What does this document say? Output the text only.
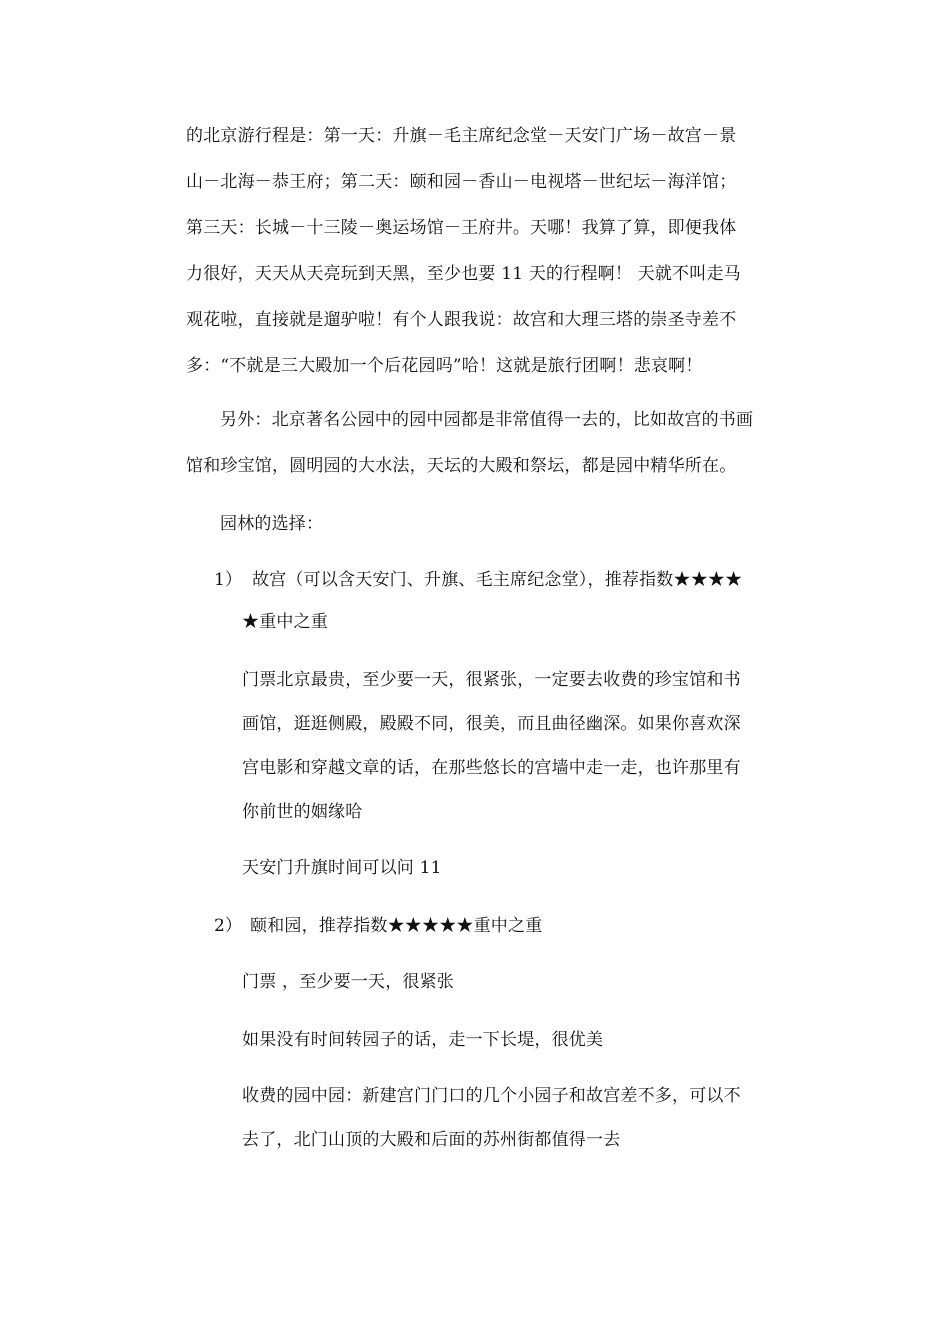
的北京游行程是：第一天：升旗－毛主席纪念堂－天安门广场－故宫－景
山－北海－恭王府；第二天：颐和园－香山－电视塔－世纪坛－海洋馆；
第三天：长城－十三陵－奥运场馆－王府井。天哪！我算了算，即便我体
力很好，天天从天亮玩到天黑，至少也要 11 天的行程啊！ 天就不叫走马
观花啦，直接就是遛驴啦！有个人跟我说：故宫和大理三塔的崇圣寺差不
多：“不就是三大殿加一个后花园吗”哈！这就是旅行团啊！悲哀啊！
另外：北京著名公园中的园中园都是非常值得一去的，比如故宫的书画
馆和珍宝馆，圆明园的大水法，天坛的大殿和祭坛，都是园中精华所在。
园林的选择：
1） 故宫（可以含天安门、升旗、毛主席纪念堂），推荐指数★★★★
★重中之重
门票北京最贵，至少要一天，很紧张，一定要去收费的珍宝馆和书
画馆，逛逛侧殿，殿殿不同，很美，而且曲径幽深。如果你喜欢深
宫电影和穿越文章的话，在那些悠长的宫墙中走一走，也许那里有
你前世的姻缘哈
天安门升旗时间可以问 11
2） 颐和园，推荐指数★★★★★重中之重
门票 ，至少要一天，很紧张
如果没有时间转园子的话，走一下长堤，很优美
收费的园中园：新建宫门门口的几个小园子和故宫差不多，可以不
去了，北门山顶的大殿和后面的苏州街都值得一去
